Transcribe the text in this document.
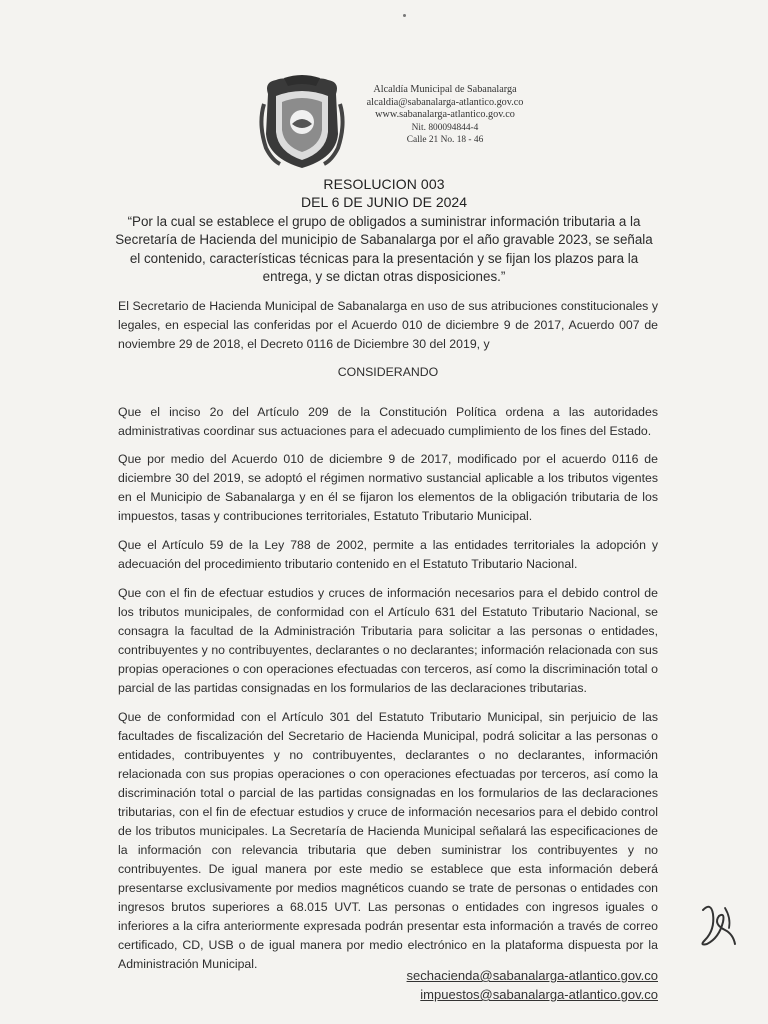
Alcaldía Municipal de Sabanalarga
alcaldia@sabanalarga-atlantico.gov.co
www.sabanalarga-atlantico.gov.co
Nit. 800094844-4
Calle 21 No. 18 - 46
RESOLUCION 003
DEL 6 DE JUNIO DE 2024
“Por la cual se establece el grupo de obligados a suministrar información tributaria a la Secretaría de Hacienda del municipio de Sabanalarga por el año gravable 2023, se señala el contenido, características técnicas para la presentación y se fijan los plazos para la entrega, y se dictan otras disposiciones.”

El Secretario de Hacienda Municipal de Sabanalarga en uso de sus atribuciones constitucionales y legales, en especial las conferidas por el Acuerdo 010 de diciembre 9 de 2017, Acuerdo 007 de noviembre 29 de 2018, el Decreto 0116 de Diciembre 30 del 2019, y

CONSIDERANDO

Que el inciso 2o del Artículo 209 de la Constitución Política ordena a las autoridades administrativas coordinar sus actuaciones para el adecuado cumplimiento de los fines del Estado.

Que por medio del Acuerdo 010 de diciembre 9 de 2017, modificado por el acuerdo 0116 de diciembre 30 del 2019, se adoptó el régimen normativo sustancial aplicable a los tributos vigentes en el Municipio de Sabanalarga y en él se fijaron los elementos de la obligación tributaria de los impuestos, tasas y contribuciones territoriales, Estatuto Tributario Municipal.

Que el Artículo 59 de la Ley 788 de 2002, permite a las entidades territoriales la adopción y adecuación del procedimiento tributario contenido en el Estatuto Tributario Nacional.

Que con el fin de efectuar estudios y cruces de información necesarios para el debido control de los tributos municipales, de conformidad con el Artículo 631 del Estatuto Tributario Nacional, se consagra la facultad de la Administración Tributaria para solicitar a las personas o entidades, contribuyentes y no contribuyentes, declarantes o no declarantes; información relacionada con sus propias operaciones o con operaciones efectuadas con terceros, así como la discriminación total o parcial de las partidas consignadas en los formularios de las declaraciones tributarias.

Que de conformidad con el Artículo 301 del Estatuto Tributario Municipal, sin perjuicio de las facultades de fiscalización del Secretario de Hacienda Municipal, podrá solicitar a las personas o entidades, contribuyentes y no contribuyentes, declarantes o no declarantes, información relacionada con sus propias operaciones o con operaciones efectuadas por terceros, así como la discriminación total o parcial de las partidas consignadas en los formularios de las declaraciones tributarias, con el fin de efectuar estudios y cruce de información necesarios para el debido control de los tributos municipales. La Secretaría de Hacienda Municipal señalará las especificaciones de la información con relevancia tributaria que deben suministrar los contribuyentes y no contribuyentes. De igual manera por este medio se establece que esta información deberá presentarse exclusivamente por medios magnéticos cuando se trate de personas o entidades con ingresos brutos superiores a 68.015 UVT. Las personas o entidades con ingresos iguales o inferiores a la cifra anteriormente expresada podrán presentar esta información a través de correo certificado, CD, USB o de igual manera por medio electrónico en la plataforma dispuesta por la Administración Municipal.

sechacienda@sabanalarga-atlantico.gov.co
impuestos@sabanalarga-atlantico.gov.co
